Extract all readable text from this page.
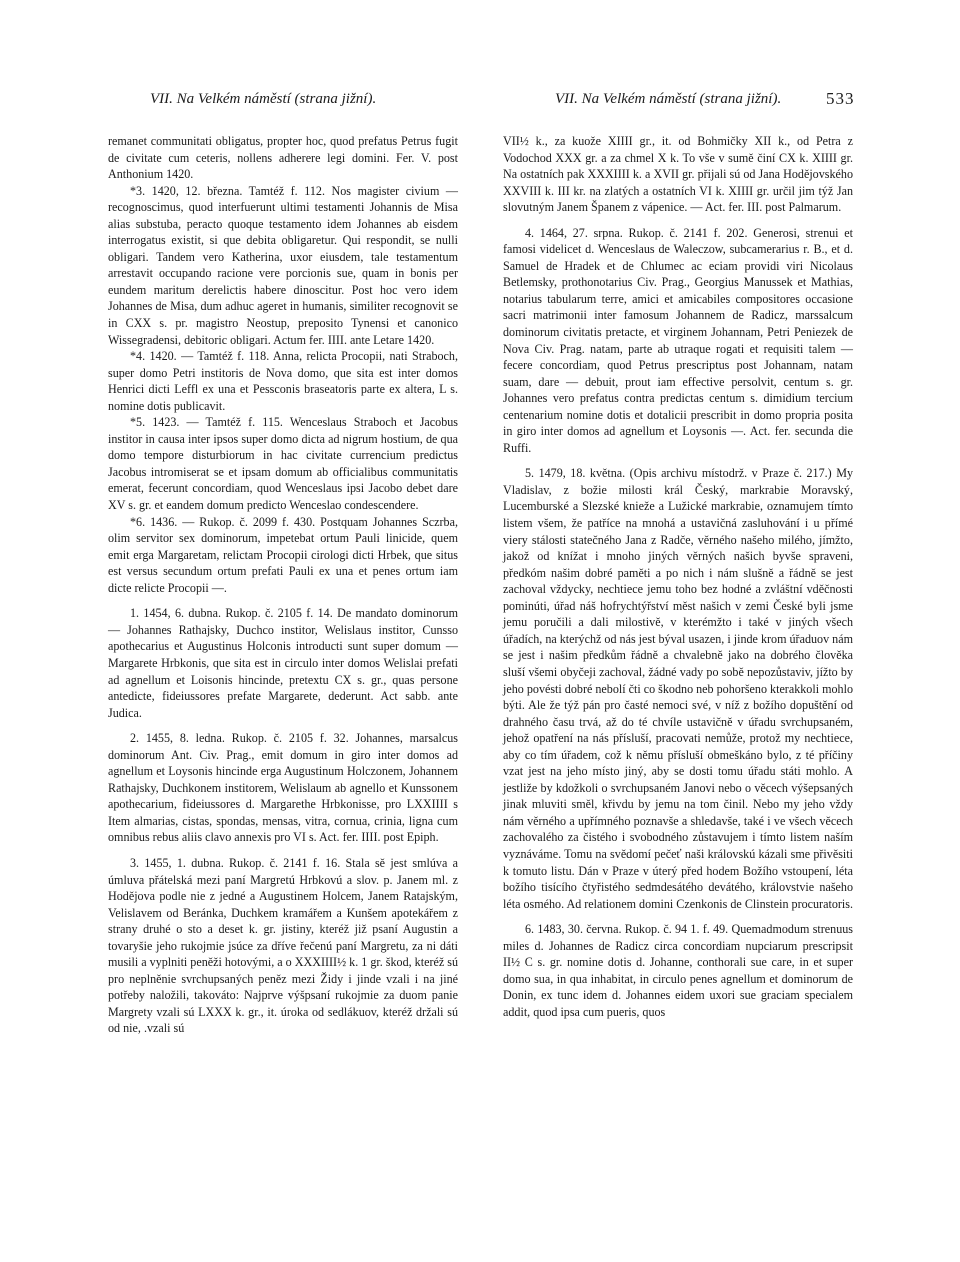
VII. Na Velkém náměstí (strana jižní).	VII. Na Velkém náměstí (strana jižní).	533

remanet communitati obligatus, propter hoc, quod prefatus Petrus fugit de civitate cum ceteris, nollens adherere legi domini. Fer. V. post Anthonium 1420.

*3. 1420, 12. března. Tamtéž f. 112. Nos magister civium — recognoscimus, quod interfuerunt ultimi testamenti Johannis de Misa alias substuba, peracto quoque testamento idem Johannes ab eisdem interrogatus existit, si que debita obligaretur. Qui respondit, se nulli obligari. Tandem vero Katherina, uxor eiusdem, tale testamentum arrestavit occupando racione vere porcionis sue, quam in bonis per eundem maritum derelictis habere dinoscitur. Post hoc vero idem Johannes de Misa, dum adhuc ageret in humanis, similiter recognovit se in CXX s. pr. magistro Neostup, preposito Tynensi et canonico Wissegradensi, debitoric obligari. Actum fer. IIII. ante Letare 1420.

*4. 1420. — Tamtéž f. 118. Anna, relicta Procopii, nati Straboch, super domo Petri institoris de Nova domo, que sita est inter domos Henrici dicti Leffl ex una et Pessconis braseatoris parte ex altera, L s. nomine dotis publicavit.

*5. 1423. — Tamtéž f. 115. Wenceslaus Straboch et Jacobus institor in causa inter ipsos super domo dicta ad nigrum hostium, de qua domo tempore disturbiorum in hac civitate currencium predictus Jacobus intromiserat se et ipsam domum ab officialibus communitatis emerat, fecerunt concordiam, quod Wenceslaus ipsi Jacobo debet dare XV s. gr. et eandem domum predicto Wenceslao condescendere.

*6. 1436. — Rukop. č. 2099 f. 430. Postquam Johannes Sczrba, olim servitor sex dominorum, impetebat ortum Pauli linicide, quem emit erga Margaretam, relictam Procopii cirologi dicti Hrbek, que situs est versus secundum ortum prefati Pauli ex una et penes ortum iam dicte relicte Procopii —.

1. 1454, 6. dubna. Rukop. č. 2105 f. 14. De mandato dominorum — Johannes Rathajsky, Duchco institor, Welislaus institor, Cunsso apothecarius et Augustinus Holconis introducti sunt super domum — Margarete Hrbkonis, que sita est in circulo inter domos Welislai prefati ad agnellum et Loisonis hincinde, pretextu CX s. gr., quas persone antedicte, fideiussores prefate Margarete, dederunt. Act sabb. ante Judica.

2. 1455, 8. ledna. Rukop. č. 2105 f. 32. Johannes, marsalcus dominorum Ant. Civ. Prag., emit domum in giro inter domos ad agnellum et Loysonis hincinde erga Augustinum Holczonem, Johannem Rathajsky, Duchkonem institorem, Welislaum ab agnello et Kunssonem apothecarium, fideiussores d. Margarethe Hrbkonisse, pro LXXIIII s Item almarias, cistas, spondas, mensas, vitra, cornua, crinia, ligna cum omnibus rebus aliis clavo annexis pro VI s. Act. fer. IIII. post Epiph.

3. 1455, 1. dubna. Rukop. č. 2141 f. 16. Stala sě jest smlúva a úmluva přátelská mezi paní Margretú Hrbkovú a slov. p. Janem ml. z Hodějova podle nie z jedné a Augustinem Holcem, Janem Ratajským, Velislavem od Beránka, Duchkem kramářem a Kunšem apotekářem z strany druhé o sto a deset k. gr. jistiny, kteréž již psaní Augustin a tovaryšie jeho rukojmie jsúce za dříve řečenú paní Margretu, za ni dáti musili a vyplniti peněži hotovými, a o XXXIIII½ k. 1 gr. škod, kteréž sú pro neplněnie svrchupsaných peněz mezi Židy i jinde vzali i na jiné potřeby naložili, takováto: Najprve výšpsaní rukojmie za duom panie Margrety vzali sú LXXX k. gr., it. úroka od sedlákuov, kteréž držali sú od nie, .vzali sú

VII½ k., za kuože XIIII gr., it. od Bohmičky XII k., od Petra z Vodochod XXX gr. a za chmel X k. To vše v sumě činí CX k. XIIII gr. Na ostatních pak XXXIIII k. a XVII gr. přijali sú od Jana Hodějovského XXVIII k. III kr. na zlatých a ostatních VI k. XIIII gr. určil jim týž Jan slovutným Janem Španem z vápenice. — Act. fer. III. post Palmarum.

4. 1464, 27. srpna. Rukop. č. 2141 f. 202. Generosi, strenui et famosi videlicet d. Wenceslaus de Waleczow, subcamerarius r. B., et d. Samuel de Hradek et de Chlumec ac eciam providi viri Nicolaus Betlemsky, prothonotarius Civ. Prag., Georgius Manussek et Mathias, notarius tabularum terre, amici et amicabiles compositores occasione sacri matrimonii inter famosum Johannem de Radicz, marssalcum dominorum civitatis pretacte, et virginem Johannam, Petri Peniezek de Nova Civ. Prag. natam, parte ab utraque rogati et requisiti talem — fecere concordiam, quod Petrus prescriptus post Johannam, natam suam, dare — debuit, prout iam effective persolvit, centum s. gr. Johannes vero prefatus contra predictas centum s. dimidium tercium centenarium nomine dotis et dotalicii prescribit in domo propria posita in giro inter domos ad agnellum et Loysonis —. Act. fer. secunda die Ruffi.

5. 1479, 18. května. (Opis archivu místodrž. v Praze č. 217.) My Vladislav, z božie milosti král Český, markrabie Moravský, Lucemburské a Slezské knieže a Lužické markrabie, oznamujem tímto listem všem, že patříce na mnohá a ustavičná zasluhování i u přímé viery stálosti statečného Jana z Radče, věrného našeho milého, jímžto, jakož od knížat i mnoho jiných věrných našich byvše spraveni, předkóm našim dobré paměti a po nich i nám slušně a řádně se jest zachoval vždycky, nechtiece jemu toho bez hodné a zvláštní vděčnosti pominúti, úřad náš hofrychtýřství měst našich v zemi České byli jsme jemu poručili a dali milostivě, v kterémžto i také v jiných všech úřadích, na kterýchž od nás jest býval usazen, i jinde krom úřaduov nám se jest i našim předkům řádně a chvalebně jako na dobrého člověka sluší všemi obyčeji zachoval, žádné vady po sobě nepozůstaviv, jížto by jeho povésti dobré nebolí čti co škodno neb pohoršeno kterakkoli mohlo býti. Ale že týž pán pro časté nemoci své, v níž z božího dopuštění od drahného času trvá, až do té chvíle ustavičně v úřadu svrchupsaném, jehož opatření na nás přísluší, pracovati nemůže, protož my nechtiece, aby co tím úřadem, což k němu přísluší obmeškáno bylo, z té příčiny vzat jest na jeho místo jiný, aby se dosti tomu úřadu státi mohlo. A jestliže by kdožkoli o svrchupsaném Janovi nebo o věcech výšepsaných jinak mluviti směl, křivdu by jemu na tom činil. Nebo my jeho vždy nám věrného a upřímného poznavše a shledavše, také i ve všech věcech zachovalého za čistého i svobodného zůstavujem i tímto listem naším vyznáváme. Tomu na svědomí pečeť naši královskú kázali sme přivěsiti k tomuto listu. Dán v Praze v úterý před hodem Božího vstoupení, léta božího tisícího čtyřistého sedmdesátého devátého, královstvie našeho léta osmého. Ad relationem domini Czenkonis de Clinstein procuratoris.

6. 1483, 30. června. Rukop. č. 94 1. f. 49. Quemadmodum strenuus miles d. Johannes de Radicz circa concordiam nupciarum prescripsit II½ C s. gr. nomine dotis d. Johanne, conthorali sue care, in et super domo sua, in qua inhabitat, in circulo penes agnellum et dominorum de Donin, ex tunc idem d. Johannes eidem uxori sue graciam specialem addit, quod ipsa cum pueris, quos
